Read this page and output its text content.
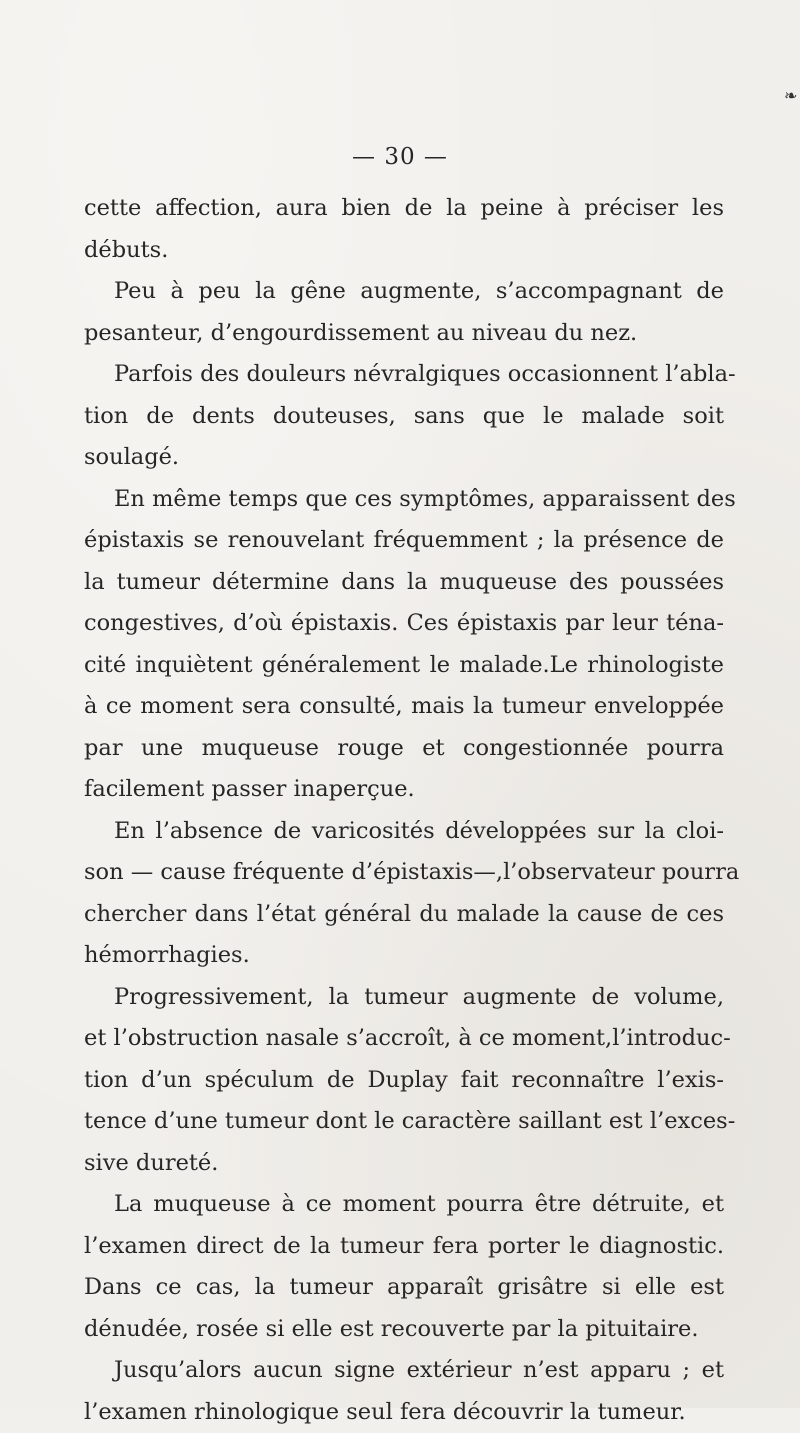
— 30 —
cette affection, aura bien de la peine à préciser les
débuts.
Peu à peu la gêne augmente, s’accompagnant de
pesanteur, d’engourdissement au niveau du nez.
Parfois des douleurs névralgiques occasionnent l’abla-
tion de dents douteuses, sans que le malade soit
soulagé.
En même temps que ces symptômes, apparaissent des
épistaxis se renouvelant fréquemment ; la présence de
la tumeur détermine dans la muqueuse des poussées
congestives, d’où épistaxis. Ces épistaxis par leur téna-
cité inquiètent généralement le malade.Le rhinologiste
à ce moment sera consulté, mais la tumeur enveloppée
par une muqueuse rouge et congestionnée pourra
facilement passer inaperçue.
En l’absence de varicosités développées sur la cloi-
son — cause fréquente d’épistaxis—,l’observateur pourra
chercher dans l’état général du malade la cause de ces
hémorrhagies.
Progressivement, la tumeur augmente de volume,
et l’obstruction nasale s’accroît, à ce moment,l’introduc-
tion d’un spéculum de Duplay fait reconnaître l’exis-
tence d’une tumeur dont le caractère saillant est l’exces-
sive dureté.
La muqueuse à ce moment pourra être détruite, et
l’examen direct de la tumeur fera porter le diagnostic.
Dans ce cas, la tumeur apparaît grisâtre si elle est
dénudée, rosée si elle est recouverte par la pituitaire.
Jusqu’alors aucun signe extérieur n’est apparu ; et
l’examen rhinologique seul fera découvrir la tumeur.
❧
